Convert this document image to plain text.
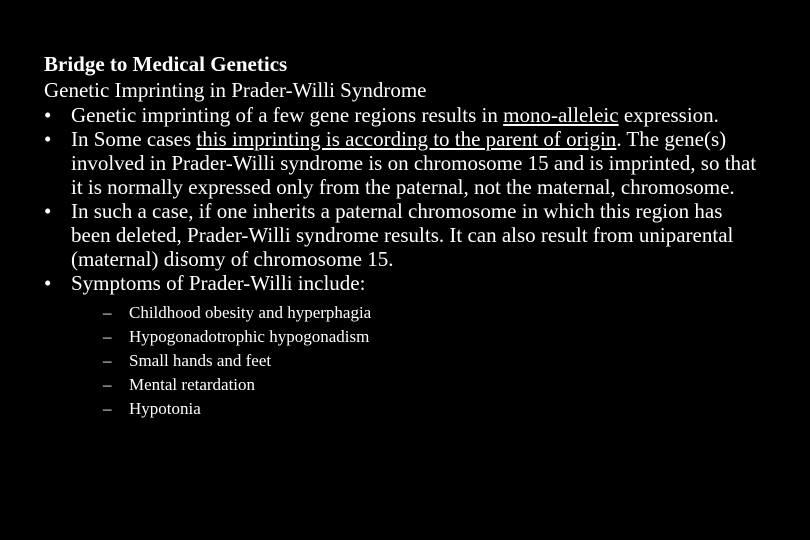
Bridge to Medical Genetics

Genetic Imprinting in Prader-Willi Syndrome

• Genetic imprinting of a few gene regions results in mono-alleleic expression.
• In Some cases this imprinting is according to the parent of origin. The gene(s) involved in Prader-Willi syndrome is on chromosome 15 and is imprinted, so that it is normally expressed only from the paternal, not the maternal, chromosome.
• In such a case, if one inherits a paternal chromosome in which this region has been deleted, Prader-Willi syndrome results. It can also result from uniparental (maternal) disomy of chromosome 15.
• Symptoms of Prader-Willi include:
– Childhood obesity and hyperphagia
– Hypogonadotrophic hypogonadism
– Small hands and feet
– Mental retardation
– Hypotonia
